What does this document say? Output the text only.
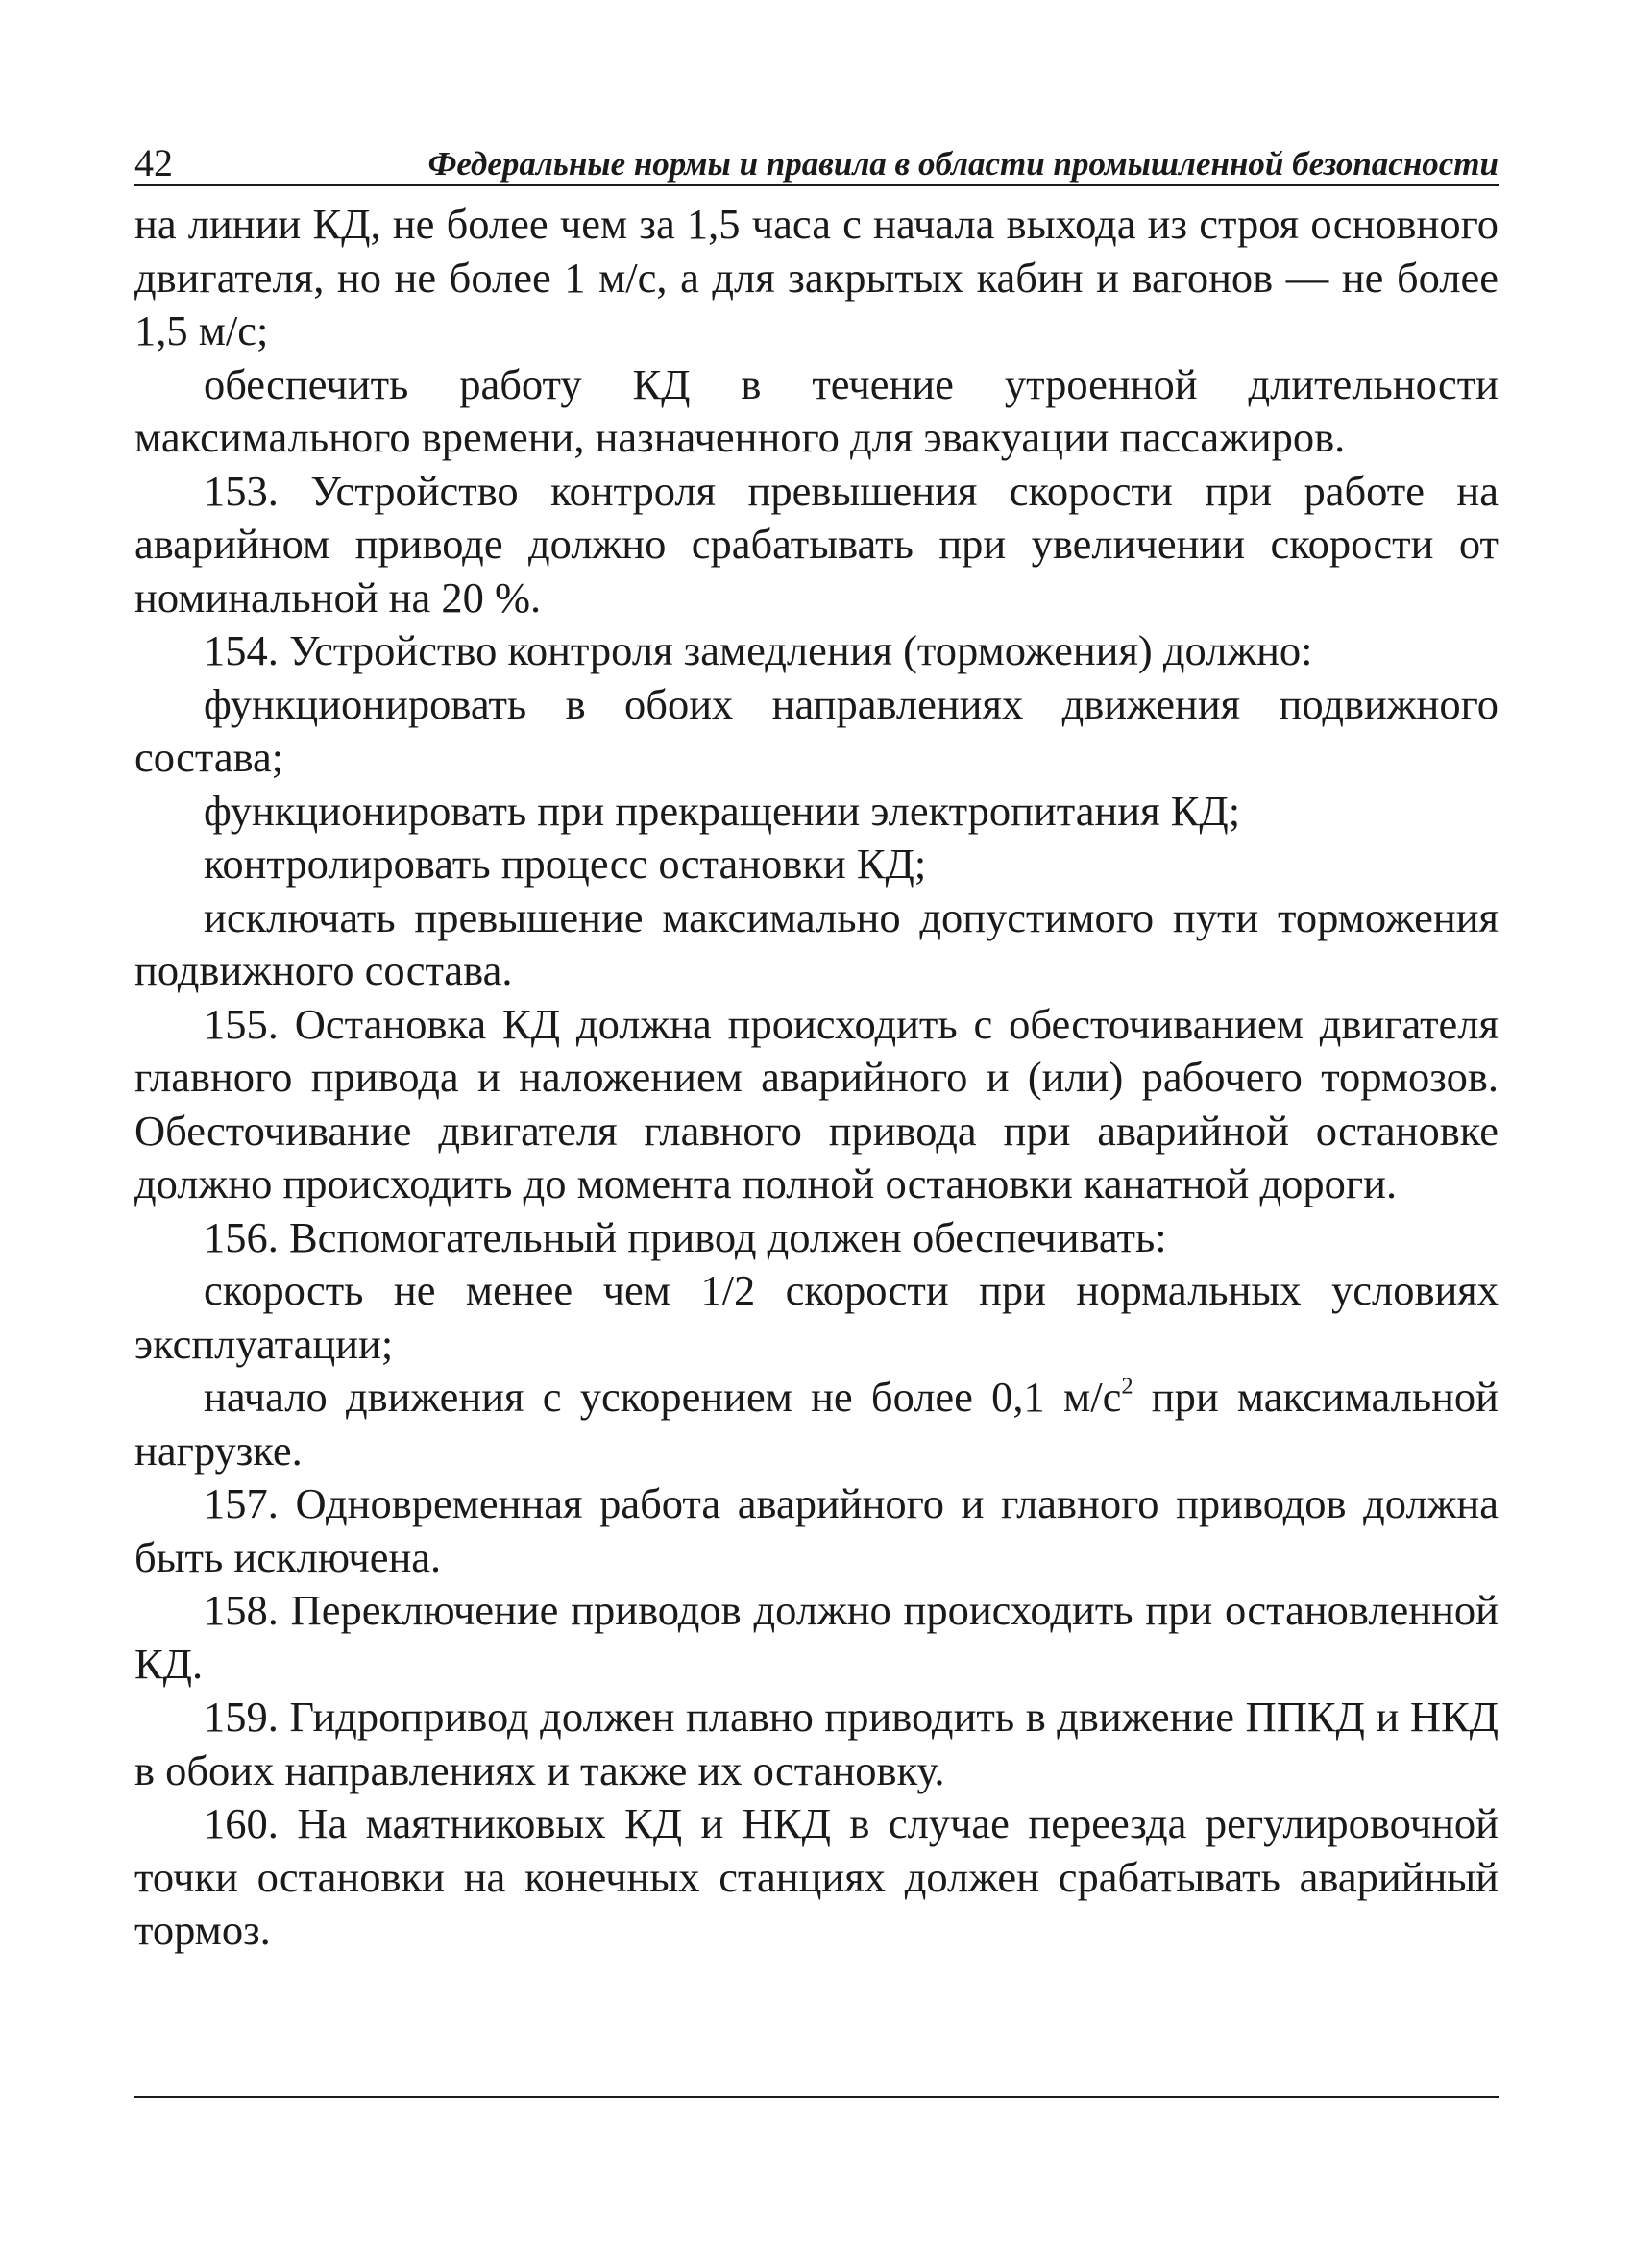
42	Федеральные нормы и правила в области промышленной безопасности

на линии КД, не более чем за 1,5 часа с начала выхода из строя основного двигателя, но не более 1 м/с, а для закрытых кабин и вагонов — не более 1,5 м/с;

обеспечить работу КД в течение утроенной длительности максимального времени, назначенного для эвакуации пассажиров.

153. Устройство контроля превышения скорости при работе на аварийном приводе должно срабатывать при увеличении скорости от номинальной на 20 %.

154. Устройство контроля замедления (торможения) должно:

функционировать в обоих направлениях движения подвижного состава;

функционировать при прекращении электропитания КД;

контролировать процесс остановки КД;

исключать превышение максимально допустимого пути торможения подвижного состава.

155. Остановка КД должна происходить с обесточиванием двигателя главного привода и наложением аварийного и (или) рабочего тормозов. Обесточивание двигателя главного привода при аварийной остановке должно происходить до момента полной остановки канатной дороги.

156. Вспомогательный привод должен обеспечивать:

скорость не менее чем 1/2 скорости при нормальных условиях эксплуатации;

начало движения с ускорением не более 0,1 $м/с^2$ при максимальной нагрузке.

157. Одновременная работа аварийного и главного приводов должна быть исключена.

158. Переключение приводов должно происходить при остановленной КД.

159. Гидропривод должен плавно приводить в движение ППКД и НКД в обоих направлениях и также их остановку.

160. На маятниковых КД и НКД в случае переезда регулировочной точки остановки на конечных станциях должен срабатывать аварийный тормоз.
